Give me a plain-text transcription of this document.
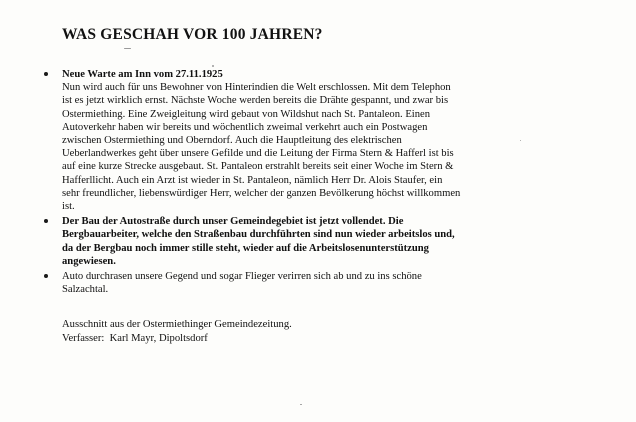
WAS GESCHAH VOR 100 JAHREN?
Neue Warte am Inn vom 27.11.1925
Nun wird auch für uns Bewohner von Hinterindien die Welt erschlossen. Mit dem Telephon
ist es jetzt wirklich ernst. Nächste Woche werden bereits die Drähte gespannt, und zwar bis
Ostermiething. Eine Zweigleitung wird gebaut von Wildshut nach St. Pantaleon. Einen
Autoverkehr haben wir bereits und wöchentlich zweimal verkehrt auch ein Postwagen
zwischen Ostermiething und Oberndorf. Auch die Hauptleitung des elektrischen
Ueberlandwerkes geht über unsere Gefilde und die Leitung der Firma Stern & Hafferl ist bis
auf eine kurze Strecke ausgebaut. St. Pantaleon erstrahlt bereits seit einer Woche im Stern &
Hafferllicht. Auch ein Arzt ist wieder in St. Pantaleon, nämlich Herr Dr. Alois Staufer, ein
sehr freundlicher, liebenswürdiger Herr, welcher der ganzen Bevölkerung höchst willkommen
ist.
Der Bau der Autostraße durch unser Gemeindegebiet ist jetzt vollendet. Die
Bergbauarbeiter, welche den Straßenbau durchführten sind nun wieder arbeitslos und,
da der Bergbau noch immer stille steht, wieder auf die Arbeitslosenunterstützung
angewiesen.
Auto durchrasen unsere Gegend und sogar Flieger verirren sich ab und zu ins schöne
Salzachtal.
Ausschnitt aus der Ostermiethinger Gemeindezeitung.
Verfasser: Karl Mayr, Dipoltsdorf
